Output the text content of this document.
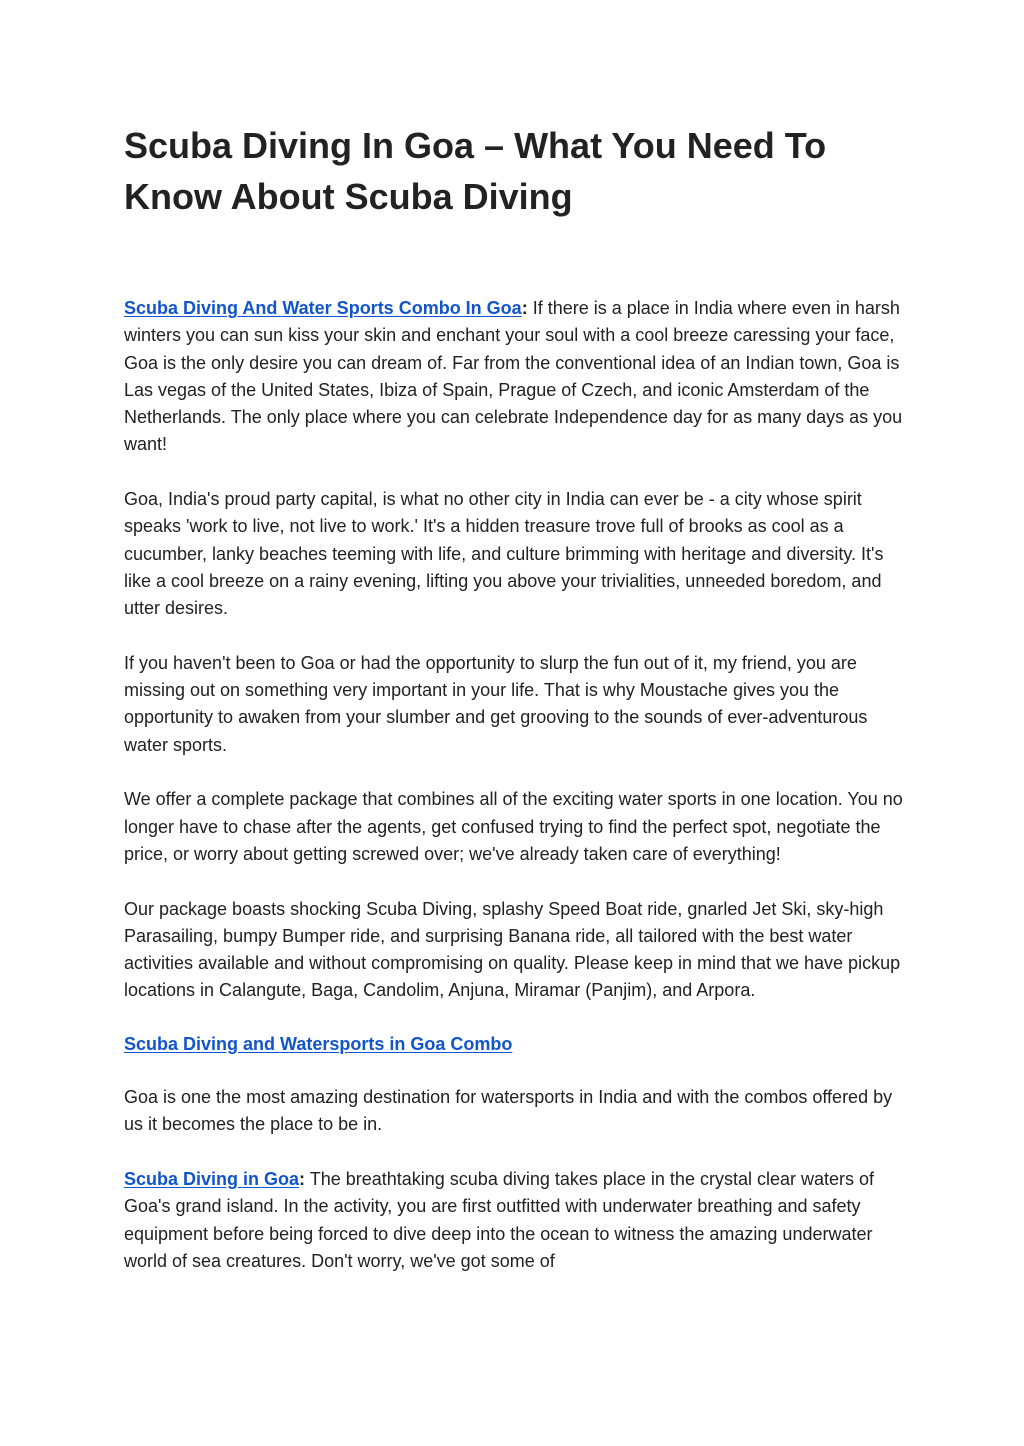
Scuba Diving In Goa – What You Need To Know About Scuba Diving

Scuba Diving And Water Sports Combo In Goa: If there is a place in India where even in harsh winters you can sun kiss your skin and enchant your soul with a cool breeze caressing your face, Goa is the only desire you can dream of. Far from the conventional idea of an Indian town, Goa is Las vegas of the United States, Ibiza of Spain, Prague of Czech, and iconic Amsterdam of the Netherlands. The only place where you can celebrate Independence day for as many days as you want!

Goa, India's proud party capital, is what no other city in India can ever be - a city whose spirit speaks 'work to live, not live to work.' It's a hidden treasure trove full of brooks as cool as a cucumber, lanky beaches teeming with life, and culture brimming with heritage and diversity. It's like a cool breeze on a rainy evening, lifting you above your trivialities, unneeded boredom, and utter desires.

If you haven't been to Goa or had the opportunity to slurp the fun out of it, my friend, you are missing out on something very important in your life. That is why Moustache gives you the opportunity to awaken from your slumber and get grooving to the sounds of ever-adventurous water sports.

We offer a complete package that combines all of the exciting water sports in one location. You no longer have to chase after the agents, get confused trying to find the perfect spot, negotiate the price, or worry about getting screwed over; we've already taken care of everything!

Our package boasts shocking Scuba Diving, splashy Speed Boat ride, gnarled Jet Ski, sky-high Parasailing, bumpy Bumper ride, and surprising Banana ride, all tailored with the best water activities available and without compromising on quality. Please keep in mind that we have pickup locations in Calangute, Baga, Candolim, Anjuna, Miramar (Panjim), and Arpora.

Scuba Diving and Watersports in Goa Combo

Goa is one the most amazing destination for watersports in India and with the combos offered by us it becomes the place to be in.

Scuba Diving in Goa: The breathtaking scuba diving takes place in the crystal clear waters of Goa's grand island. In the activity, you are first outfitted with underwater breathing and safety equipment before being forced to dive deep into the ocean to witness the amazing underwater world of sea creatures. Don't worry, we've got some of
